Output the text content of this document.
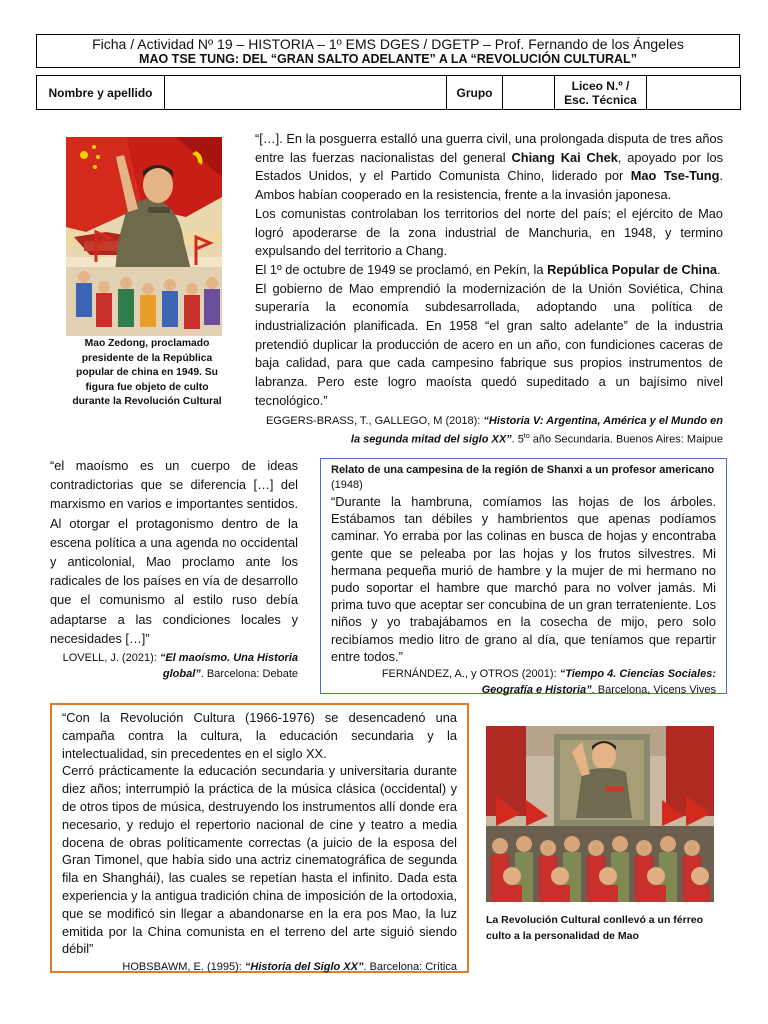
Ficha / Actividad Nº 19 – HISTORIA – 1º EMS DGES / DGETP – Prof. Fernando de los Ángeles
MAO TSE TUNG: DEL “GRAN SALTO ADELANTE” A LA “REVOLUCIÓN CULTURAL”
Nombre y apellido		Grupo		Liceo N.º /
Esc. Técnica	
Mao Zedong, proclamado presidente de la República popular de china en 1949. Su figura fue objeto de culto durante la Revolución Cultural

“[…]. En la posguerra estalló una guerra civil, una prolongada disputa de tres años entre las fuerzas nacionalistas del general Chiang Kai Chek, apoyado por los Estados Unidos, y el Partido Comunista Chino, liderado por Mao Tse-Tung. Ambos habían cooperado en la resistencia, frente a la invasión japonesa.

Los comunistas controlaban los territorios del norte del país; el ejército de Mao logró apoderarse de la zona industrial de Manchuria, en 1948, y termino expulsando del territorio a Chang.

El 1º de octubre de 1949 se proclamó, en Pekín, la República Popular de China.

El gobierno de Mao emprendió la modernización de la Unión Soviética, China superaría la economía subdesarrollada, adoptando una política de industrialización planificada. En 1958 “el gran salto adelante” de la industria pretendió duplicar la producción de acero en un año, con fundiciones caceras de baja calidad, para que cada campesino fabrique sus propios instrumentos de labranza. Pero este logro maoísta quedó supeditado a un bajísimo nivel tecnológico.”

EGGERS-BRASS, T., GALLEGO, M (2018): “Historia V: Argentina, América y el Mundo en la segunda mitad del siglo XX”. $5^{to}$ año Secundaria. Buenos Aires: Maipue

“el maoísmo es un cuerpo de ideas contradictorias que se diferencia […] del marxismo en varios e importantes sentidos. Al otorgar el protagonismo dentro de la escena política a una agenda no occidental y anticolonial, Mao proclamo ante los radicales de los países en vía de desarrollo que el comunismo al estilo ruso debía adaptarse a las condiciones locales y necesidades […]”

LOVELL, J. (2021): “El maoísmo. Una Historia global”. Barcelona: Debate

Relato de una campesina de la región de Shanxi a un profesor americano
(1948)

“Durante la hambruna, comíamos las hojas de los árboles. Estábamos tan débiles y hambrientos que apenas podíamos caminar. Yo erraba por las colinas en busca de hojas y encontraba gente que se peleaba por las hojas y los frutos silvestres. Mi hermana pequeña murió de hambre y la mujer de mi hermano no pudo soportar el hambre que marchó para no volver jamás. Mi prima tuvo que aceptar ser concubina de un gran terrateniente. Los niños y yo trabajábamos en la cosecha de mijo, pero solo recibíamos medio litro de grano al día, que teníamos que repartir entre todos.”

FERNÁNDEZ, A., y OTROS (2001): “Tiempo 4. Ciencias Sociales: Geografía e Historia”. Barcelona, Vicens Vives

“Con la Revolución Cultura (1966-1976) se desencadenó una campaña contra la cultura, la educación secundaria y la intelectualidad, sin precedentes en el siglo XX.

Cerró prácticamente la educación secundaria y universitaria durante diez años; interrumpió la práctica de la música clásica (occidental) y de otros tipos de música, destruyendo los instrumentos allí donde era necesario, y redujo el repertorio nacional de cine y teatro a media docena de obras políticamente correctas (a juicio de la esposa del Gran Timonel, que había sido una actriz cinematográfica de segunda fila en Shanghái), las cuales se repetían hasta el infinito. Dada esta experiencia y la antigua tradición china de imposición de la ortodoxia, que se modificó sin llegar a abandonarse en la era pos Mao, la luz emitida por la China comunista en el terreno del arte siguió siendo débil”

HOBSBAWM, E. (1995): “Historia del Siglo XX”. Barcelona: Crítica

La Revolución Cultural conllevó a un férreo culto a la personalidad de Mao
